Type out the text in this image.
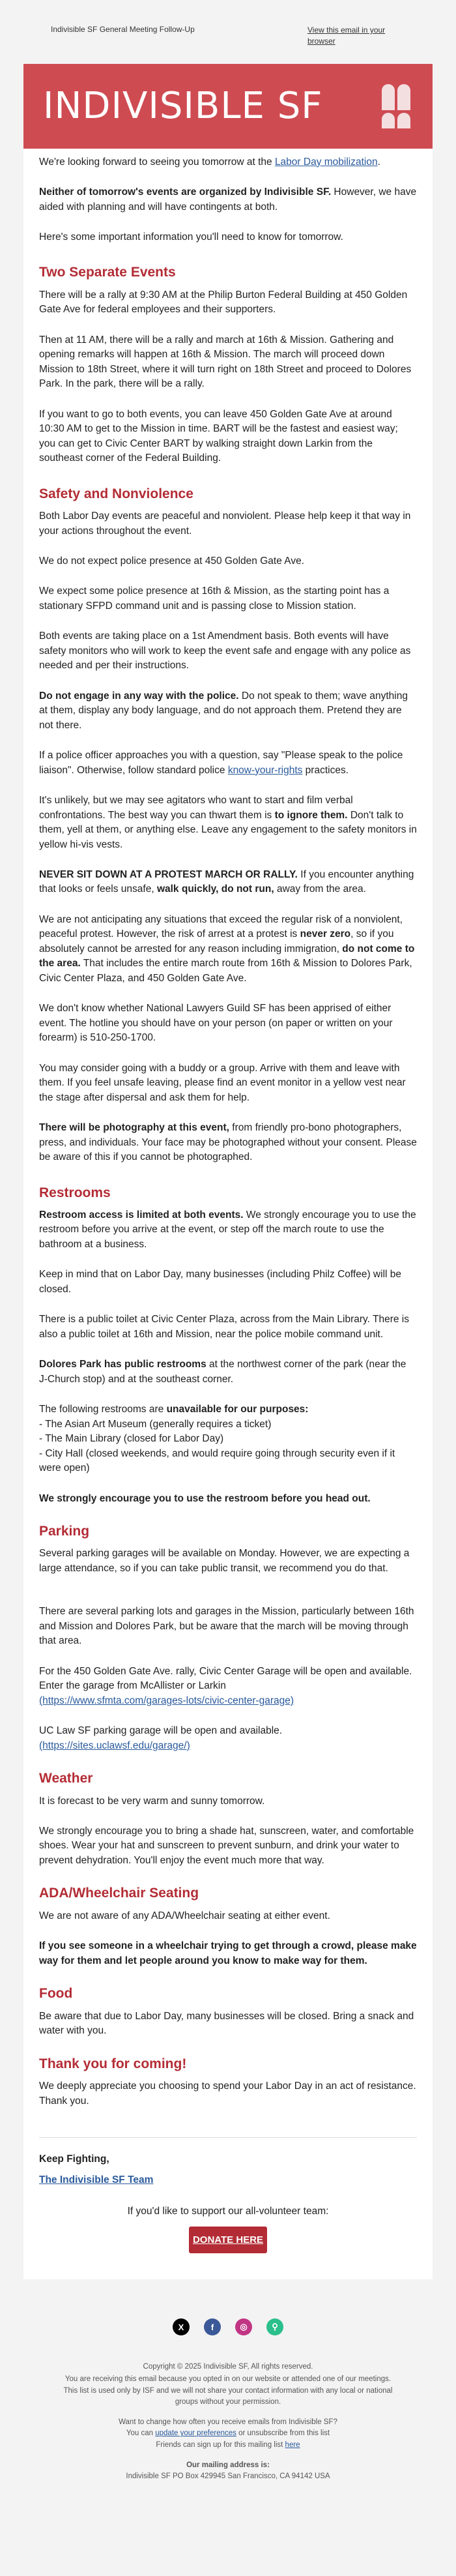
Indivisible SF General Meeting Follow-Up	View this email in your browser
INDIVISIBLE SF

We're looking forward to seeing you tomorrow at the Labor Day mobilization.

Neither of tomorrow's events are organized by Indivisible SF. However, we have aided with planning and will have contingents at both.

Here's some important information you'll need to know for tomorrow.

Two Separate Events

There will be a rally at 9:30 AM at the Philip Burton Federal Building at 450 Golden Gate Ave for federal employees and their supporters.

Then at 11 AM, there will be a rally and march at 16th & Mission. Gathering and opening remarks will happen at 16th & Mission. The march will proceed down Mission to 18th Street, where it will turn right on 18th Street and proceed to Dolores Park. In the park, there will be a rally.

If you want to go to both events, you can leave 450 Golden Gate Ave at around 10:30 AM to get to the Mission in time. BART will be the fastest and easiest way; you can get to Civic Center BART by walking straight down Larkin from the southeast corner of the Federal Building.

Safety and Nonviolence

Both Labor Day events are peaceful and nonviolent. Please help keep it that way in your actions throughout the event.

We do not expect police presence at 450 Golden Gate Ave.

We expect some police presence at 16th & Mission, as the starting point has a stationary SFPD command unit and is passing close to Mission station.

Both events are taking place on a 1st Amendment basis. Both events will have safety monitors who will work to keep the event safe and engage with any police as needed and per their instructions.

Do not engage in any way with the police. Do not speak to them; wave anything at them, display any body language, and do not approach them. Pretend they are not there.

If a police officer approaches you with a question, say "Please speak to the police liaison". Otherwise, follow standard police know-your-rights practices.

It's unlikely, but we may see agitators who want to start and film verbal confrontations. The best way you can thwart them is to ignore them. Don't talk to them, yell at them, or anything else. Leave any engagement to the safety monitors in yellow hi-vis vests.

NEVER SIT DOWN AT A PROTEST MARCH OR RALLY. If you encounter anything that looks or feels unsafe, walk quickly, do not run, away from the area.

We are not anticipating any situations that exceed the regular risk of a nonviolent, peaceful protest. However, the risk of arrest at a protest is never zero, so if you absolutely cannot be arrested for any reason including immigration, do not come to the area. That includes the entire march route from 16th & Mission to Dolores Park, Civic Center Plaza, and 450 Golden Gate Ave.

We don't know whether National Lawyers Guild SF has been apprised of either event. The hotline you should have on your person (on paper or written on your forearm) is 510-250-1700.

You may consider going with a buddy or a group. Arrive with them and leave with them. If you feel unsafe leaving, please find an event monitor in a yellow vest near the stage after dispersal and ask them for help.

There will be photography at this event, from friendly pro-bono photographers, press, and individuals. Your face may be photographed without your consent. Please be aware of this if you cannot be photographed.

Restrooms

Restroom access is limited at both events. We strongly encourage you to use the restroom before you arrive at the event, or step off the march route to use the bathroom at a business.

Keep in mind that on Labor Day, many businesses (including Philz Coffee) will be closed.

There is a public toilet at Civic Center Plaza, across from the Main Library. There is also a public toilet at 16th and Mission, near the police mobile command unit.

Dolores Park has public restrooms at the northwest corner of the park (near the J-Church stop) and at the southeast corner.

The following restrooms are unavailable for our purposes:
- The Asian Art Museum (generally requires a ticket)
- The Main Library (closed for Labor Day)
- City Hall (closed weekends, and would require going through security even if it were open)

We strongly encourage you to use the restroom before you head out.

Parking

Several parking garages will be available on Monday. However, we are expecting a large attendance, so if you can take public transit, we recommend you do that.

There are several parking lots and garages in the Mission, particularly between 16th and Mission and Dolores Park, but be aware that the march will be moving through that area.

For the 450 Golden Gate Ave. rally, Civic Center Garage will be open and available. Enter the garage from McAllister or Larkin
(https://www.sfmta.com/garages-lots/civic-center-garage)

UC Law SF parking garage will be open and available.
(https://sites.uclawsf.edu/garage/)

Weather

It is forecast to be very warm and sunny tomorrow.

We strongly encourage you to bring a shade hat, sunscreen, water, and comfortable shoes. Wear your hat and sunscreen to prevent sunburn, and drink your water to prevent dehydration. You'll enjoy the event much more that way.

ADA/Wheelchair Seating

We are not aware of any ADA/Wheelchair seating at either event.

If you see someone in a wheelchair trying to get through a crowd, please make way for them and let people around you know to make way for them.

Food

Be aware that due to Labor Day, many businesses will be closed. Bring a snack and water with you.

Thank you for coming!

We deeply appreciate you choosing to spend your Labor Day in an act of resistance. Thank you.

Keep Fighting,

The Indivisible SF Team

If you'd like to support our all-volunteer team:
DONATE HERE
X	f	◎	⚲

Copyright © 2025 Indivisible SF, All rights reserved.

You are receiving this email because you opted in on our website or attended one of our meetings. This list is used only by ISF and we will not share your contact information with any local or national groups without your permission.

Want to change how often you receive emails from Indivisible SF?
You can update your preferences or unsubscribe from this list
Friends can sign up for this mailing list here

Our mailing address is:
Indivisible SF PO Box 429945 San Francisco, CA 94142 USA
